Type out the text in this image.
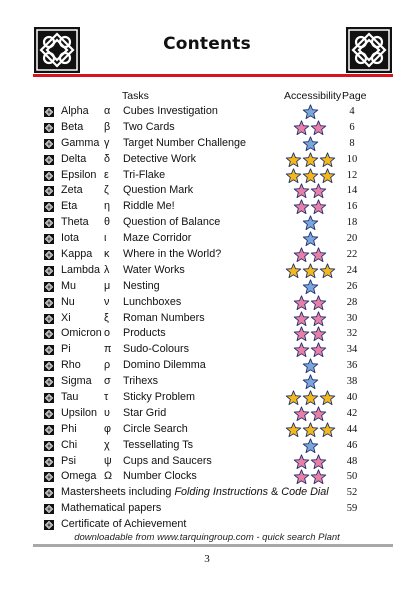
Contents
Tasks	Accessibility Page
Alpha α Cubes Investigation	4
Beta β Two Cards	6
Gamma γ Target Number Challenge	8
Delta δ Detective Work	10
Epsilon ε Tri-Flake	12
Zeta ζ Question Mark	14
Eta η Riddle Me!	16
Theta θ Question of Balance	18
Iota ι Maze Corridor	20
Kappa κ Where in the World?	22
Lambda λ Water Works	24
Mu	μ Nesting	26
Nu	ν Lunchboxes	28
Xi	ξ Roman Numbers	30
Omicron ο Products	32
Pi	π Sudo-Colours	34
Rho ρ Domino Dilemma	36
Sigma σ Trihexs	38
Tau τ Sticky Problem	40
Upsilon υ Star Grid	42
Phi	φ Circle Search	44
Chi χ Tessellating Ts	46
Psi	ψ Cups and Saucers	48
Omega Ω Number Clocks	50
Mastersheets including Folding Instructions & Code Dial	52
Mathematical papers	59
Certificate of Achievement
downloadable from www.tarquingroup.com - quick search Plant
3
